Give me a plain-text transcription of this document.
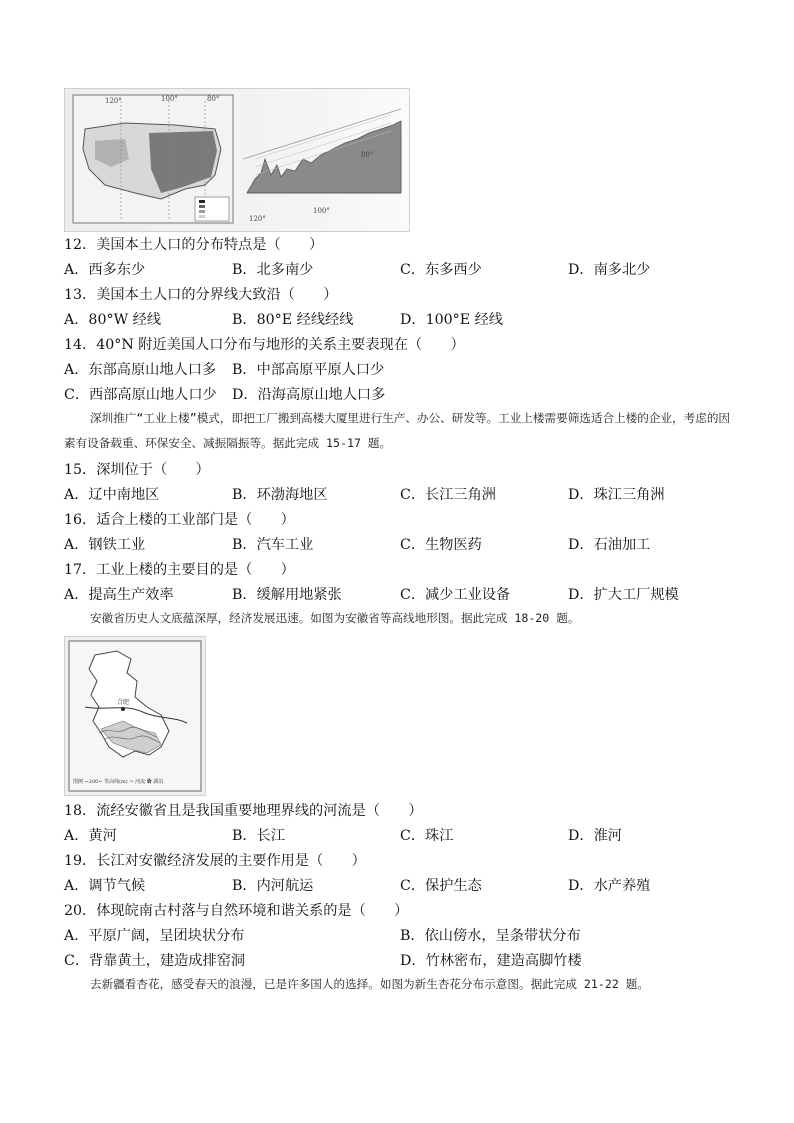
120°	100°	80°
120°
100°
80°
12．美国本土人口的分布特点是（　　）
A．西多东少	B．北多南少	C．东多西少	D．南多北少
13．美国本土人口的分界线大致沿（　　）
A．80°W 经线	B．80°E 经线经线	D．100°E 经线
14．40°N 附近美国人口分布与地形的关系主要表现在（　　）
A．东部高原山地人口多 B．中部高原平原人口少
C．西部高原山地人口少 D．沿海高原山地人口多
深圳推广“工业上楼”模式，即把工厂搬到高楼大厦里进行生产、办公、研发等。工业上楼需要筛选适合上楼的企业，考虑的因素有设备载重、环保安全、减振隔振等。据此完成 15-17 题。
15．深圳位于（　　）
A．辽中南地区	B．环渤海地区	C．长江三角洲	D．珠江三角洲
16．适合上楼的工业部门是（　　）
A．钢铁工业	B．汽车工业	C．生物医药	D．石油加工
17．工业上楼的主要目的是（　　）
A．提高生产效率	B．缓解用地紧张	C．减少工业设备	D．扩大工厂规模
安徽省历史人文底蕴深厚，经济发展迅速。如图为安徽省等高线地形图。据此完成 18-20 题。
合肥
图例 ~200~ 等高线(m) ⤳ 河流 ✿ 湖泊
18．流经安徽省且是我国重要地理界线的河流是（　　）
A．黄河	B．长江	C．珠江	D．淮河
19．长江对安徽经济发展的主要作用是（　　）
A．调节气候	B．内河航运	C．保护生态	D．水产养殖
20．体现皖南古村落与自然环境和谐关系的是（　　）
A．平原广阔，呈团块状分布	B．依山傍水，呈条带状分布
C．背靠黄土，建造成排窑洞	D．竹林密布，建造高脚竹楼
去新疆看杏花，感受春天的浪漫，已是许多国人的选择。如图为新生杏花分布示意图。据此完成 21-22 题。
